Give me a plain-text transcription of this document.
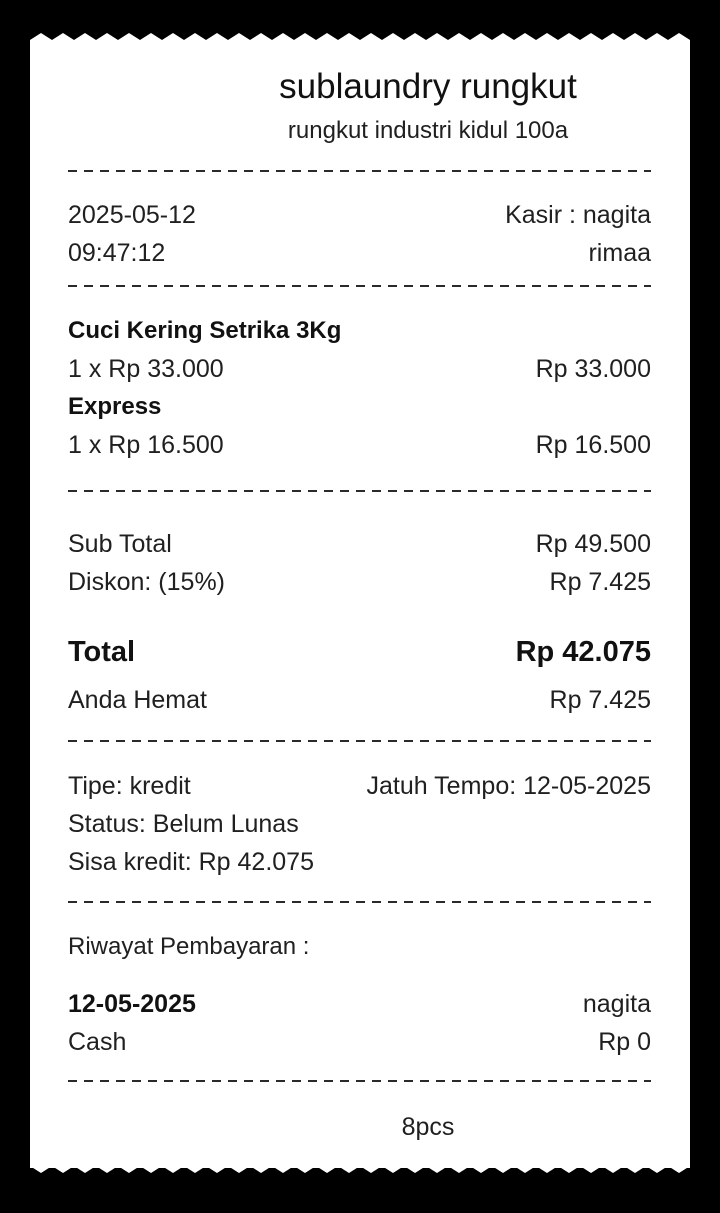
sublaundry rungkut
rungkut industri kidul 100a
2025-05-12	Kasir : nagita
09:47:12	rimaa
Cuci Kering Setrika 3Kg
1 x Rp 33.000	Rp 33.000
Express
1 x Rp 16.500	Rp 16.500
Sub Total	Rp 49.500
Diskon: (15%)	Rp 7.425
Total	Rp 42.075
Anda Hemat	Rp 7.425
Tipe: kredit	Jatuh Tempo: 12-05-2025
Status: Belum Lunas
Sisa kredit: Rp 42.075
Riwayat Pembayaran :
12-05-2025	nagita
Cash	Rp 0
8pcs
